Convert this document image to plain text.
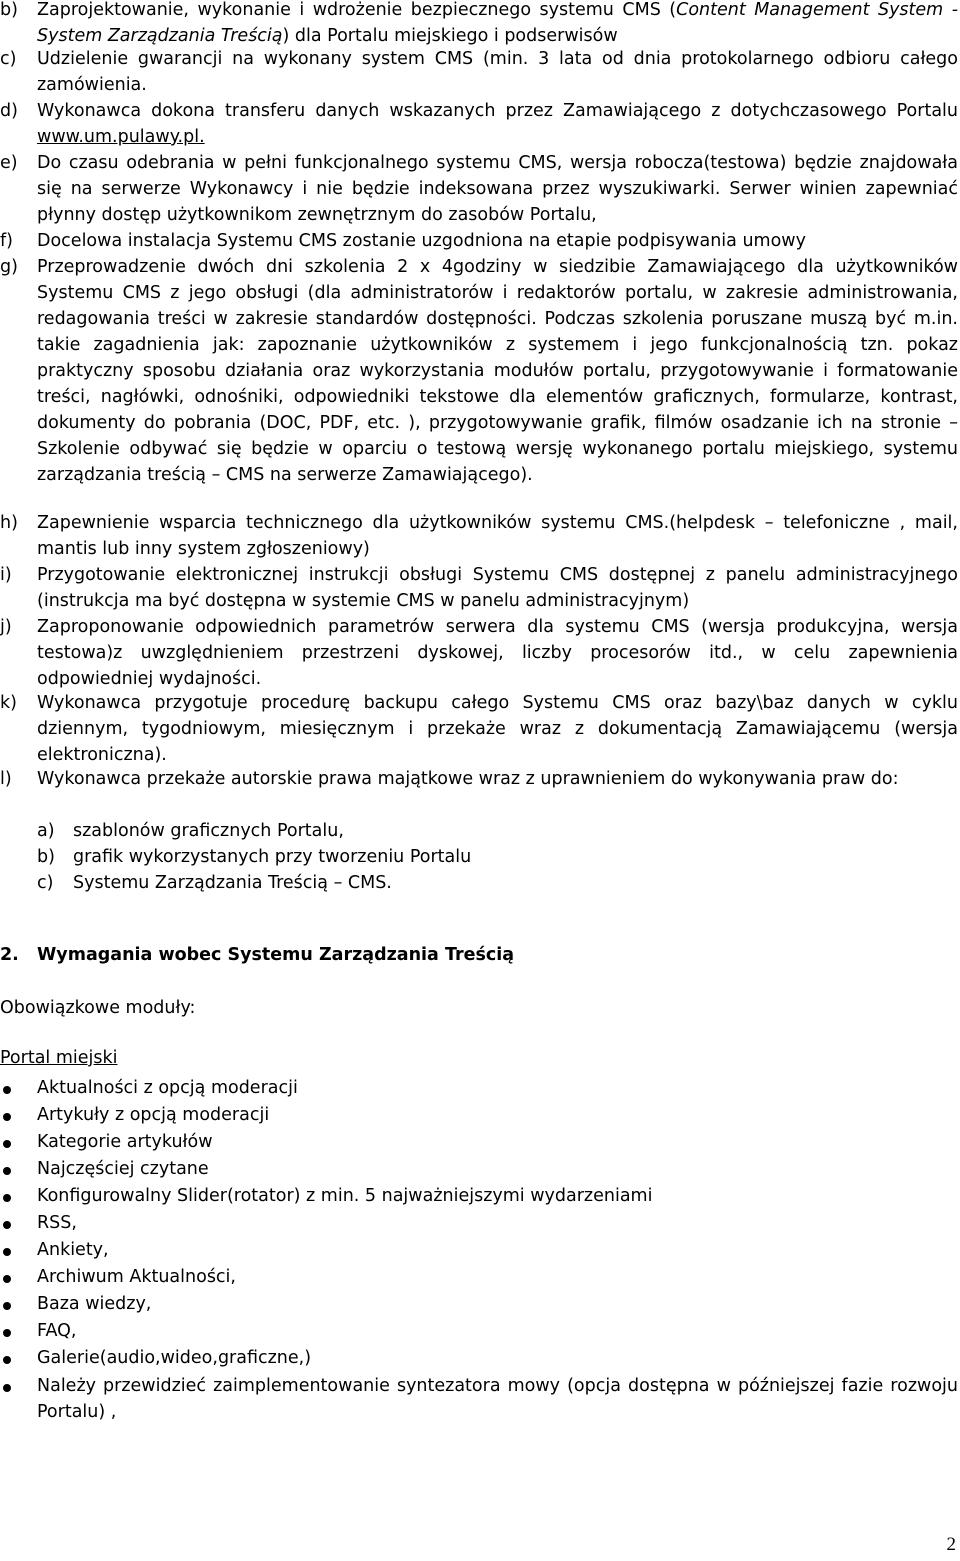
b) Zaprojektowanie, wykonanie i wdrożenie bezpiecznego systemu CMS (Content Management System - System Zarządzania Treścią) dla Portalu miejskiego i podserwisów
c) Udzielenie gwarancji na wykonany system CMS (min. 3 lata od dnia protokolarnego odbioru całego zamówienia.
d) Wykonawca dokona transferu danych wskazanych przez Zamawiającego z dotychczasowego Portalu www.um.pulawy.pl.
e) Do czasu odebrania w pełni funkcjonalnego systemu CMS, wersja robocza(testowa) będzie znajdowała się na serwerze Wykonawcy i nie będzie indeksowana przez wyszukiwarki. Serwer winien zapewniać płynny dostęp użytkownikom zewnętrznym do zasobów Portalu,
f) Docelowa instalacja Systemu CMS zostanie uzgodniona na etapie podpisywania umowy
g) Przeprowadzenie dwóch dni szkolenia 2 x 4godziny w siedzibie Zamawiającego dla użytkowników Systemu CMS z jego obsługi (dla administratorów i redaktorów portalu, w zakresie administrowania, redagowania treści w zakresie standardów dostępności. Podczas szkolenia poruszane muszą być m.in. takie zagadnienia jak: zapoznanie użytkowników z systemem i jego funkcjonalnością tzn. pokaz praktyczny sposobu działania oraz wykorzystania modułów portalu, przygotowywanie i formatowanie treści, nagłówki, odnośniki, odpowiedniki tekstowe dla elementów graficznych, formularze, kontrast, dokumenty do pobrania (DOC, PDF, etc. ), przygotowywanie grafik, filmów osadzanie ich na stronie – Szkolenie odbywać się będzie w oparciu o testową wersję wykonanego portalu miejskiego, systemu zarządzania treścią – CMS na serwerze Zamawiającego).
h) Zapewnienie wsparcia technicznego dla użytkowników systemu CMS.(helpdesk – telefoniczne , mail, mantis lub inny system zgłoszeniowy)
i) Przygotowanie elektronicznej instrukcji obsługi Systemu CMS dostępnej z panelu administracyjnego (instrukcja ma być dostępna w systemie CMS w panelu administracyjnym)
j) Zaproponowanie odpowiednich parametrów serwera dla systemu CMS (wersja produkcyjna, wersja testowa)z uwzględnieniem przestrzeni dyskowej, liczby procesorów itd., w celu zapewnienia odpowiedniej wydajności.
k) Wykonawca przygotuje procedurę backupu całego Systemu CMS oraz bazy\baz danych w cyklu dziennym, tygodniowym, miesięcznym i przekaże wraz z dokumentacją Zamawiającemu (wersja elektroniczna).
l) Wykonawca przekaże autorskie prawa majątkowe wraz z uprawnieniem do wykonywania praw do:
a) szablonów graficznych Portalu,
b) grafik wykorzystanych przy tworzeniu Portalu
c) Systemu Zarządzania Treścią – CMS.
2. Wymagania wobec Systemu Zarządzania Treścią
Obowiązkowe moduły:
Portal miejski
Aktualności z opcją moderacji
Artykuły z opcją moderacji
Kategorie artykułów
Najczęściej czytane
Konfigurowalny Slider(rotator) z min. 5 najważniejszymi wydarzeniami
RSS,
Ankiety,
Archiwum Aktualności,
Baza wiedzy,
FAQ,
Galerie(audio,wideo,graficzne,)
Należy przewidzieć zaimplementowanie syntezatora mowy (opcja dostępna w późniejszej fazie rozwoju Portalu) ,
2
